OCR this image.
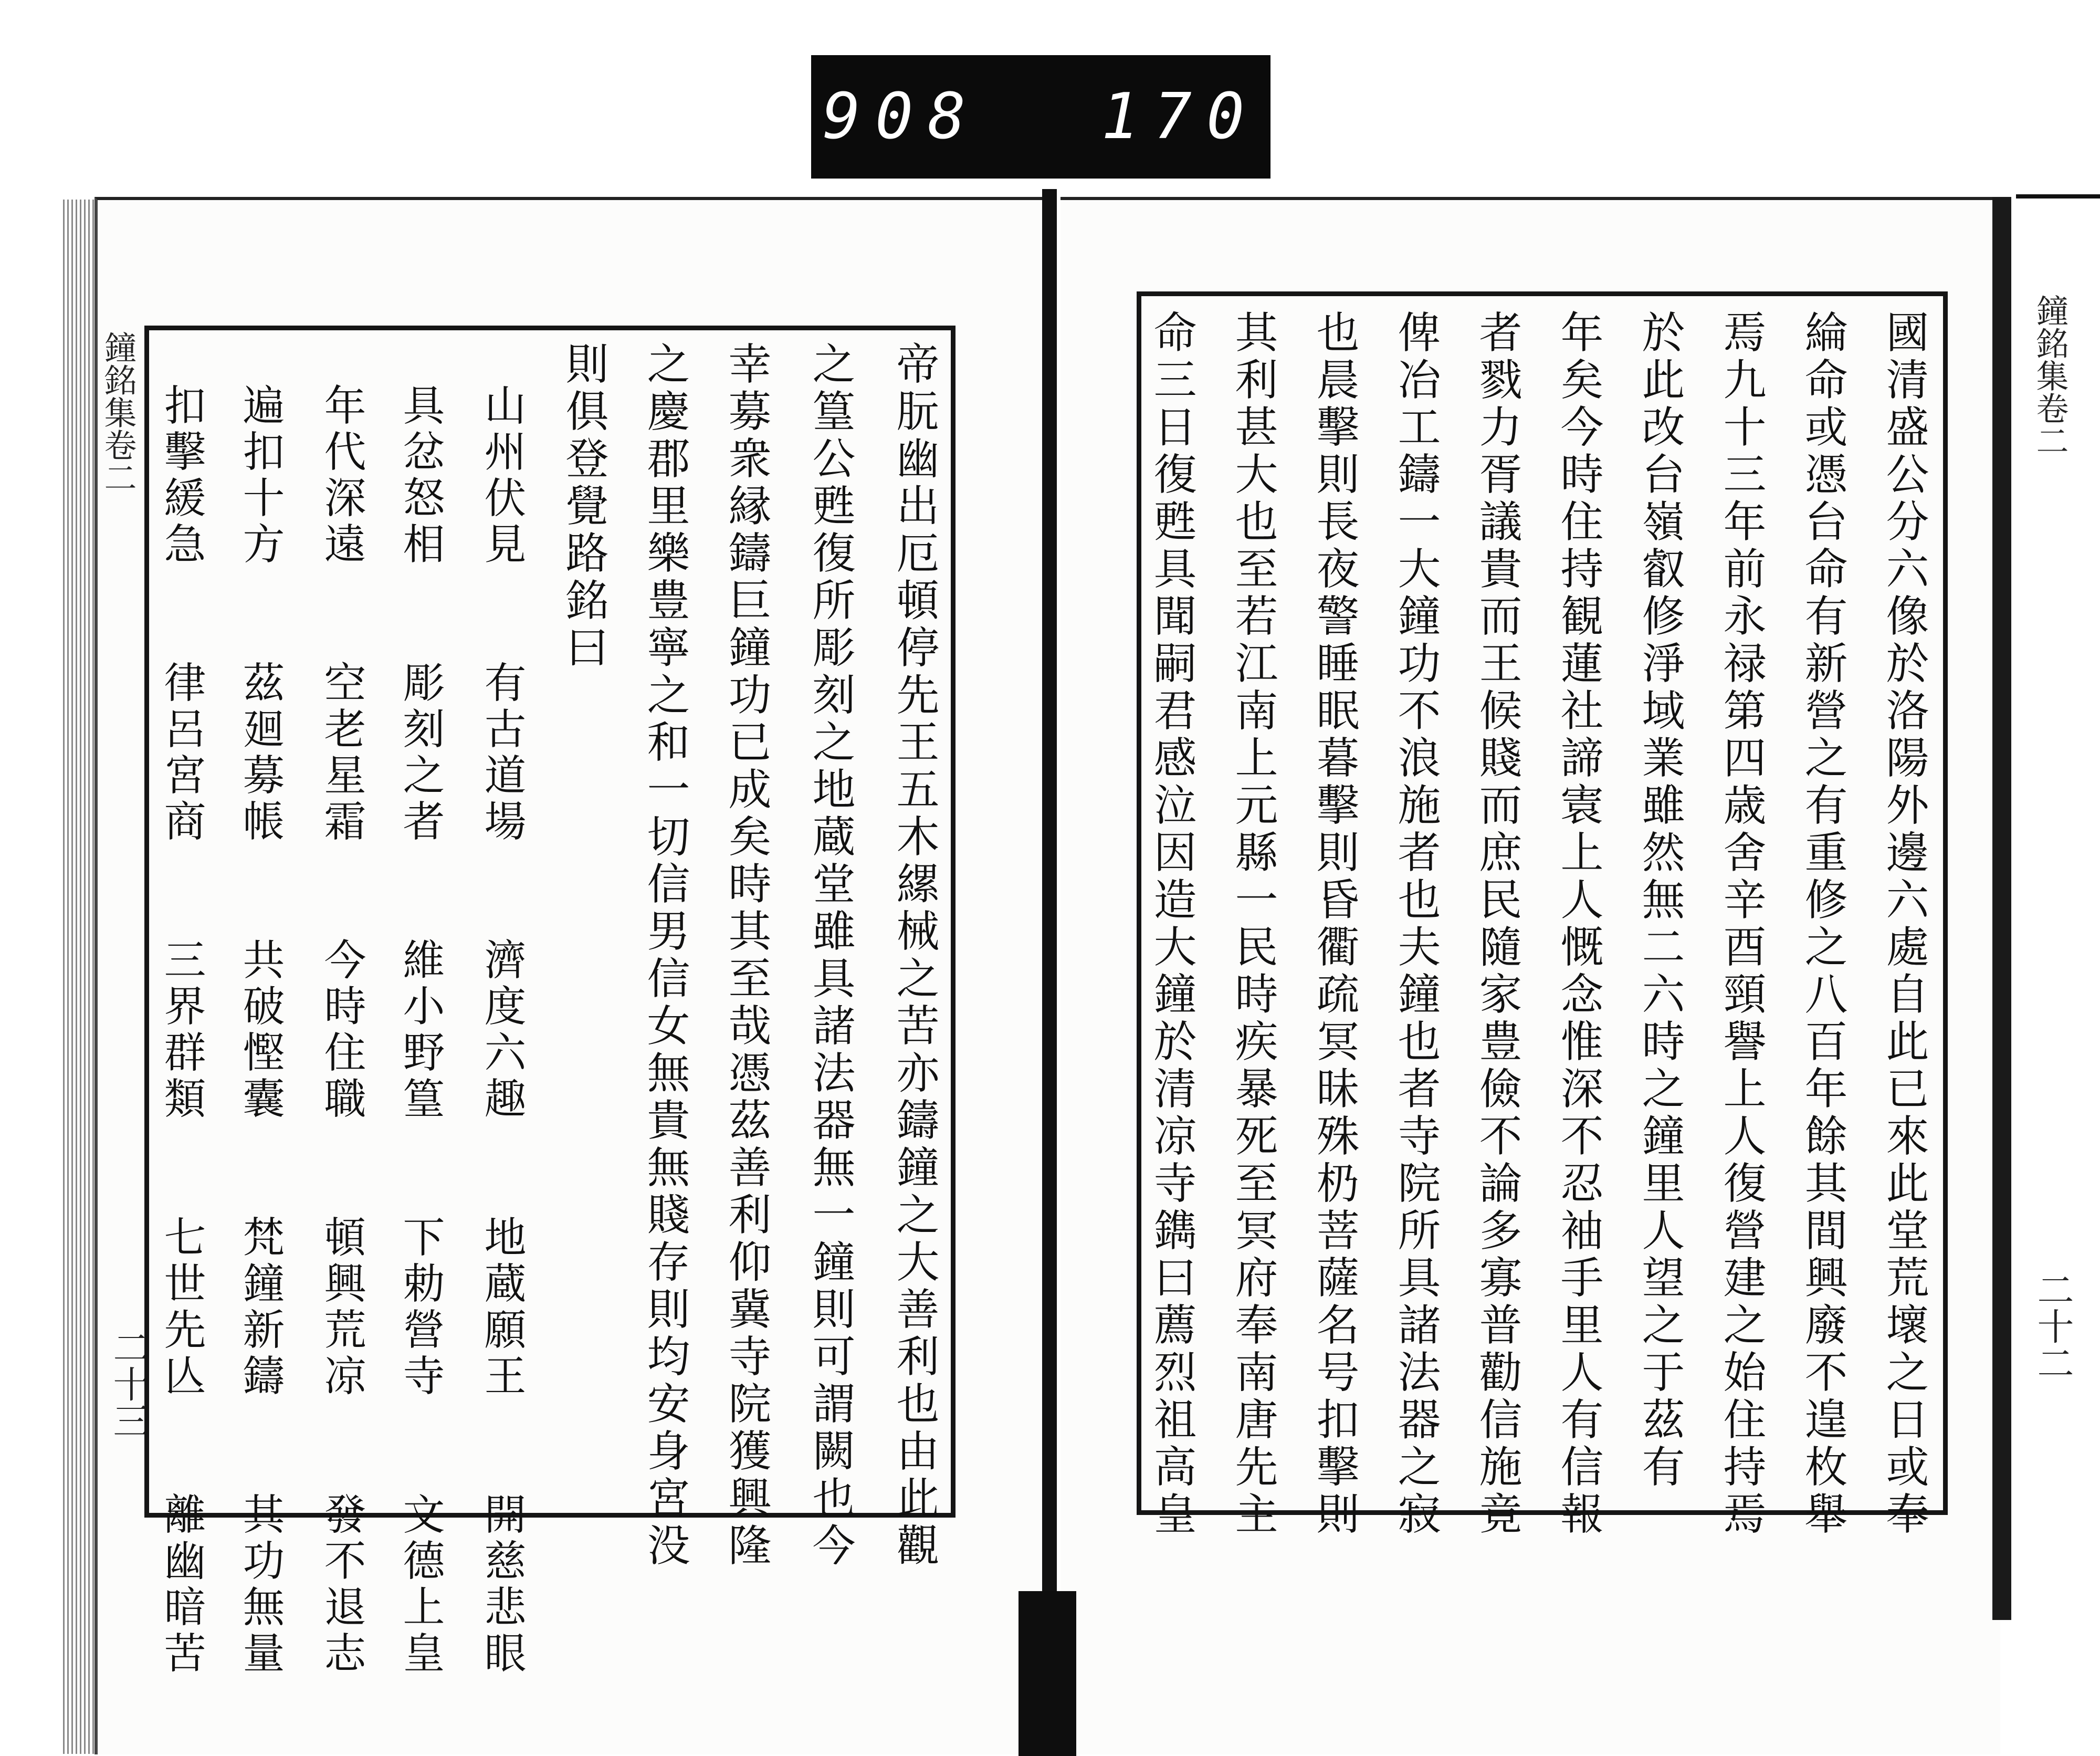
908 170
鐘銘集卷二
二十三	帝朊幽出厄頓停先王五木縲械之苦亦鑄鐘之大善利也由此觀
之篁公甦復所彫刻之地蔵堂雖具諸法器無一鐘則可謂闕也今
幸募衆縁鑄巨鐘功已成矣時其至哉憑茲善利仰冀寺院獲興隆
之慶郡里樂豊寧之和一切信男信女無貴無賤存則均安身宮没
則俱登覺路銘曰
山州伏見　　有古道場　　濟度六趣　　地蔵願王　　開慈悲眼
具忿怒相　　彫刻之者　　維小野篁　　下勅營寺　　文德上皇
年代深遠　　空老星霜　　今時住職　　頓興荒凉　　發不退志
遍扣十方　　茲廻募帳　　共破慳囊　　梵鐘新鑄　　其功無量
扣擊緩急　　律呂宮商　　三界群類　　七世先亾　　離幽暗苦
鐘銘集卷二
二十二
國清盛公分六像於洛陽外邊六處自此已來此堂荒壞之日或奉
綸命或憑台命有新營之有重修之八百年餘其間興廢不遑枚舉
焉九十三年前永禄第四歳舍辛酉頸譽上人復營建之始住持焉
於此改台嶺叡修淨域業雖然無二六時之鐘里人望之于茲有
年矣今時住持観蓮社諦㝨上人慨念惟深不忍袖手里人有信報
者戮力胥議貴而王候賤而庶民隨家豊儉不論多寡普勸信施竟
俾冶工鑄一大鐘功不浪施者也夫鐘也者寺院所具諸法器之寂
也晨擊則長夜警睡眠暮擊則昏衢疏冥昧殊㭁菩薩名号扣擊則
其利甚大也至若江南上元縣一民時疾暴死至冥府奉南唐先主
命三日復甦具聞嗣君感泣因造大鐘於清凉寺鐫曰薦烈祖高皇
